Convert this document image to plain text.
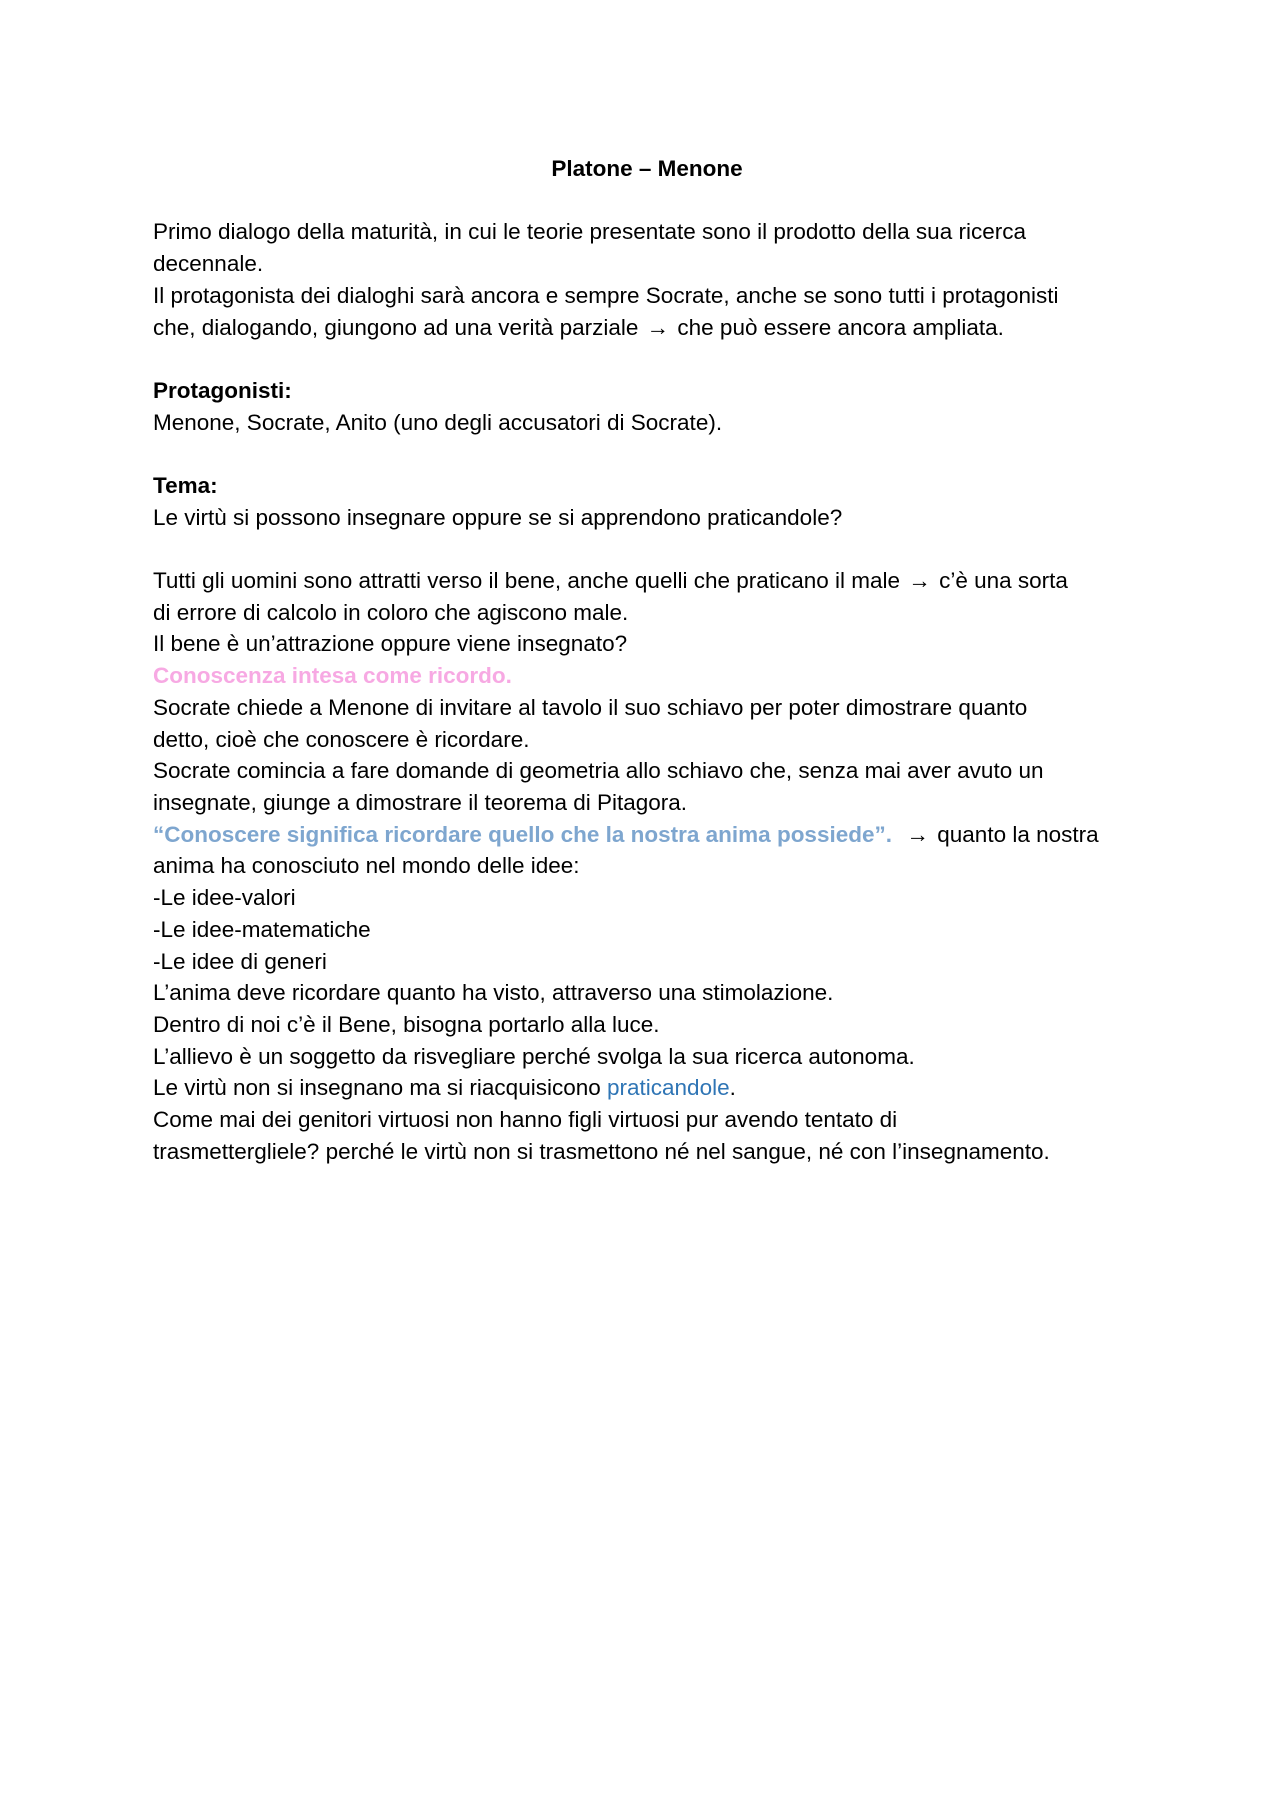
Platone – Menone

Primo dialogo della maturità, in cui le teorie presentate sono il prodotto della sua ricerca

decennale.

Il protagonista dei dialoghi sarà ancora e sempre Socrate, anche se sono tutti i protagonisti

che, dialogando, giungono ad una verità parziale → che può essere ancora ampliata.

Protagonisti:

Menone, Socrate, Anito (uno degli accusatori di Socrate).

Tema:

Le virtù si possono insegnare oppure se si apprendono praticandole?

Tutti gli uomini sono attratti verso il bene, anche quelli che praticano il male → c’è una sorta

di errore di calcolo in coloro che agiscono male.

Il bene è un’attrazione oppure viene insegnato?

Conoscenza intesa come ricordo.

Socrate chiede a Menone di invitare al tavolo il suo schiavo per poter dimostrare quanto

detto, cioè che conoscere è ricordare.

Socrate comincia a fare domande di geometria allo schiavo che, senza mai aver avuto un

insegnate, giunge a dimostrare il teorema di Pitagora.

“Conoscere significa ricordare quello che la nostra anima possiede”. → quanto la nostra

anima ha conosciuto nel mondo delle idee:

-Le idee-valori

-Le idee-matematiche

-Le idee di generi

L’anima deve ricordare quanto ha visto, attraverso una stimolazione.

Dentro di noi c’è il Bene, bisogna portarlo alla luce.

L’allievo è un soggetto da risvegliare perché svolga la sua ricerca autonoma.

Le virtù non si insegnano ma si riacquisicono praticandole.

Come mai dei genitori virtuosi non hanno figli virtuosi pur avendo tentato di

trasmettergliele? perché le virtù non si trasmettono né nel sangue, né con l’insegnamento.
